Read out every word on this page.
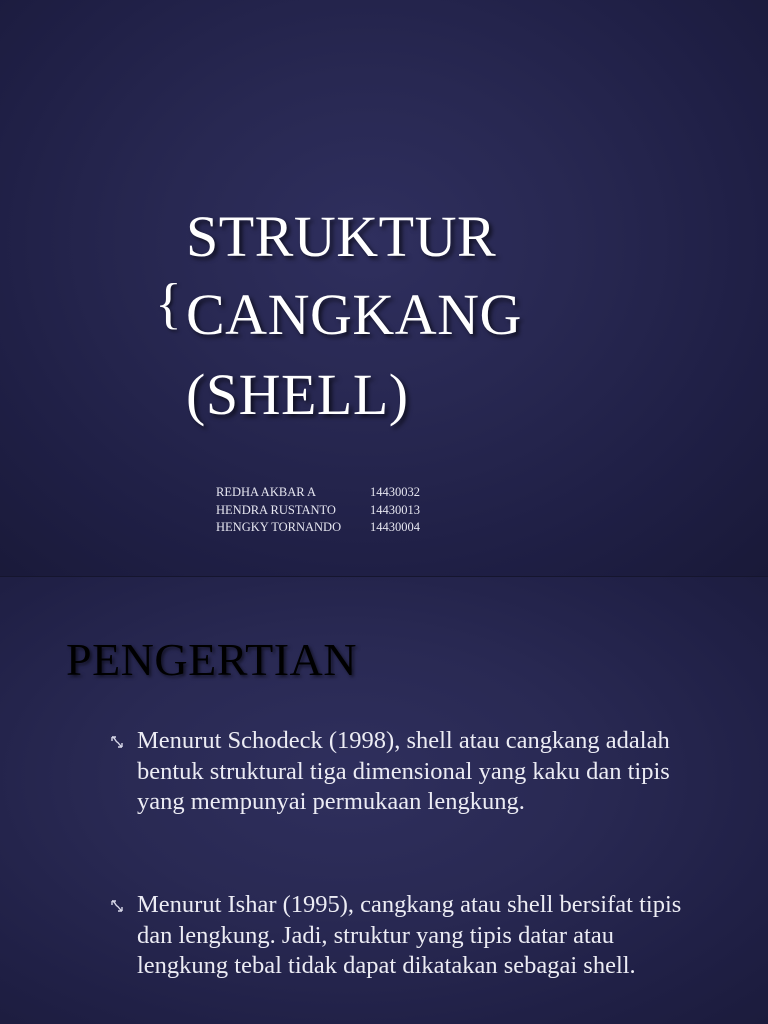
{
STRUKTUR
CANGKANG
(SHELL)
REDHA AKBAR A	14430032
HENDRA RUSTANTO	14430013
HENGKY TORNANDO	14430004
PENGERTIAN
Menurut Schodeck (1998), shell atau cangkang adalah bentuk struktural tiga dimensional yang kaku dan tipis yang mempunyai permukaan lengkung.
Menurut Ishar (1995), cangkang atau shell bersifat tipis dan lengkung. Jadi, struktur yang tipis datar atau lengkung tebal tidak dapat dikatakan sebagai shell.
